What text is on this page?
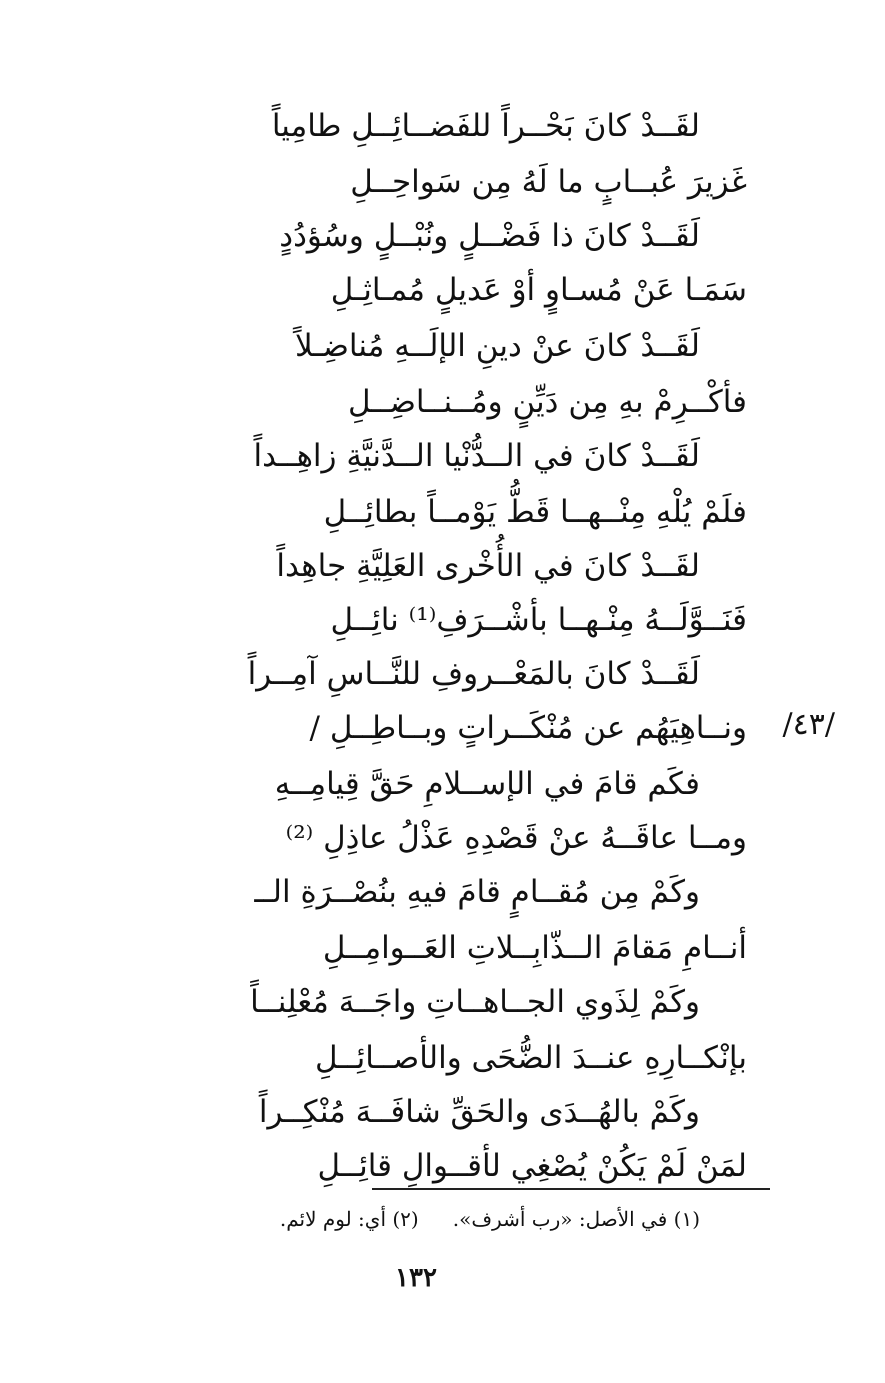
لقَــدْ كانَ بَحْــراً للفَضــائِــلِ طامِياً
غَزيرَ عُبــابٍ ما لَهُ مِن سَواحِــلِ
لَقَــدْ كانَ ذا فَضْــلٍ ونُبْــلٍ وسُؤدُدٍ
سَمَـا عَنْ مُسـاوٍ أوْ عَديلٍ مُمـاثِـلِ
لَقَــدْ كانَ عنْ دينِ الإلَــهِ مُناضِـلاً
فأكْــرِمْ بهِ مِن دَيِّنٍ ومُــنــاضِــلِ
لَقَــدْ كانَ في الــدُّنْيا الــدَّنيَّةِ زاهِــداً
فلَمْ يُلْهِ مِنْــهــا قَطُّ يَوْمــاً بطائِــلِ
لقَــدْ كانَ في الأُخْرى العَلِيَّةِ جاهِداً
فَنَــوَّلَــهُ مِنْـهــا بأشْــرَفِ⁽¹⁾ نائِــلِ
لَقَــدْ كانَ بالمَعْــروفِ للنَّــاسِ آمِــراً
ونــاهِيَهُم عن مُنْكَــراتٍ وبــاطِــلِ /
فكَم قامَ في الإســلامِ حَقَّ قِيامِــهِ
ومــا عاقَــهُ عنْ قَصْدِهِ عَذْلُ عاذِلِ ⁽²⁾
وكَمْ مِن مُقــامٍ قامَ فيهِ بنُصْــرَةِ الــ
أنــامِ مَقامَ الــذّابِــلاتِ العَــوامِــلِ
وكَمْ لِذَوي الجــاهــاتِ واجَــهَ مُعْلِنــاً
بإنْكــارِهِ عنــدَ الضُّحَى والأصــائِــلِ
وكَمْ بالهُــدَى والحَقِّ شافَــهَ مُنْكِــراً
لمَنْ لَمْ يَكُنْ يُصْغِي لأقــوالِ قائِــلِ
/٤٣/
(١) في الأصل: «رب أشرف».(٢) أي: لوم لائم.
١٣٢
